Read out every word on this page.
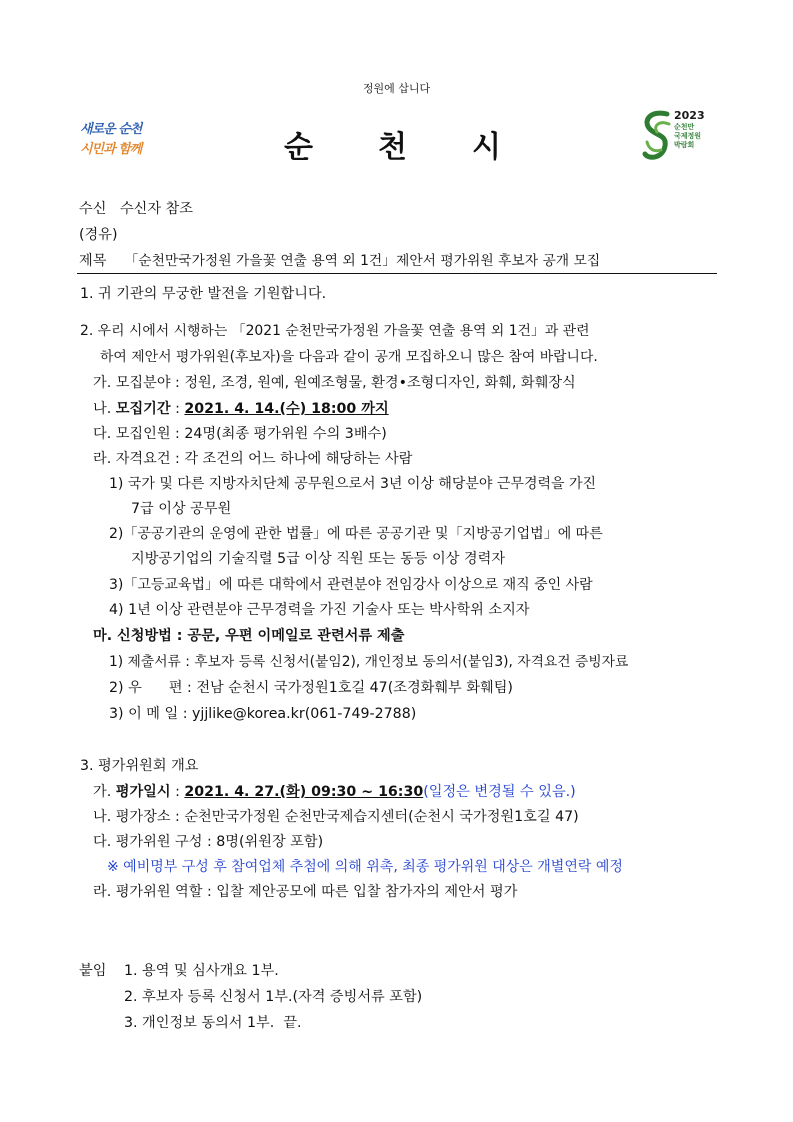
정원에 삽니다
새로운 순천
시민과 함께	순 천 시
2023
순천만
국제정원
박람회
수신 수신자 참조
(경유)
제목 「순천만국가정원 가을꽃 연출 용역 외 1건」제안서 평가위원 후보자 공개 모집
1. 귀 기관의 무궁한 발전을 기원합니다.
2. 우리 시에서 시행하는 「2021 순천만국가정원 가을꽃 연출 용역 외 1건」과 관련
하여 제안서 평가위원(후보자)을 다음과 같이 공개 모집하오니 많은 참여 바랍니다.
가. 모집분야 : 정원, 조경, 원예, 원예조형물, 환경•조형디자인, 화훼, 화훼장식
나. 모집기간 : 2021. 4. 14.(수) 18:00 까지
다. 모집인원 : 24명(최종 평가위원 수의 3배수)
라. 자격요건 : 각 조건의 어느 하나에 해당하는 사람
1) 국가 및 다른 지방자치단체 공무원으로서 3년 이상 해당분야 근무경력을 가진
7급 이상 공무원
2)「공공기관의 운영에 관한 법률」에 따른 공공기관 및「지방공기업법」에 따른
지방공기업의 기술직렬 5급 이상 직원 또는 동등 이상 경력자
3)「고등교육법」에 따른 대학에서 관련분야 전임강사 이상으로 재직 중인 사람
4) 1년 이상 관련분야 근무경력을 가진 기술사 또는 박사학위 소지자
마. 신청방법 : 공문, 우편 이메일로 관련서류 제출
1) 제출서류 : 후보자 등록 신청서(붙임2), 개인정보 동의서(붙임3), 자격요건 증빙자료
2) 우      편 : 전남 순천시 국가정원1호길 47(조경화훼부 화훼팀)
3) 이 메 일 : yjjlike@korea.kr(061-749-2788)
3. 평가위원회 개요
가. 평가일시 : 2021. 4. 27.(화) 09:30 ~ 16:30(일정은 변경될 수 있음.)
나. 평가장소 : 순천만국가정원 순천만국제습지센터(순천시 국가정원1호길 47)
다. 평가위원 구성 : 8명(위원장 포함)
※ 예비명부 구성 후 참여업체 추첨에 의해 위촉, 최종 평가위원 대상은 개별연락 예정
라. 평가위원 역할 : 입찰 제안공모에 따른 입찰 참가자의 제안서 평가
붙임 1. 용역 및 심사개요 1부.
2. 후보자 등록 신청서 1부.(자격 증빙서류 포함)
3. 개인정보 동의서 1부.  끝.
